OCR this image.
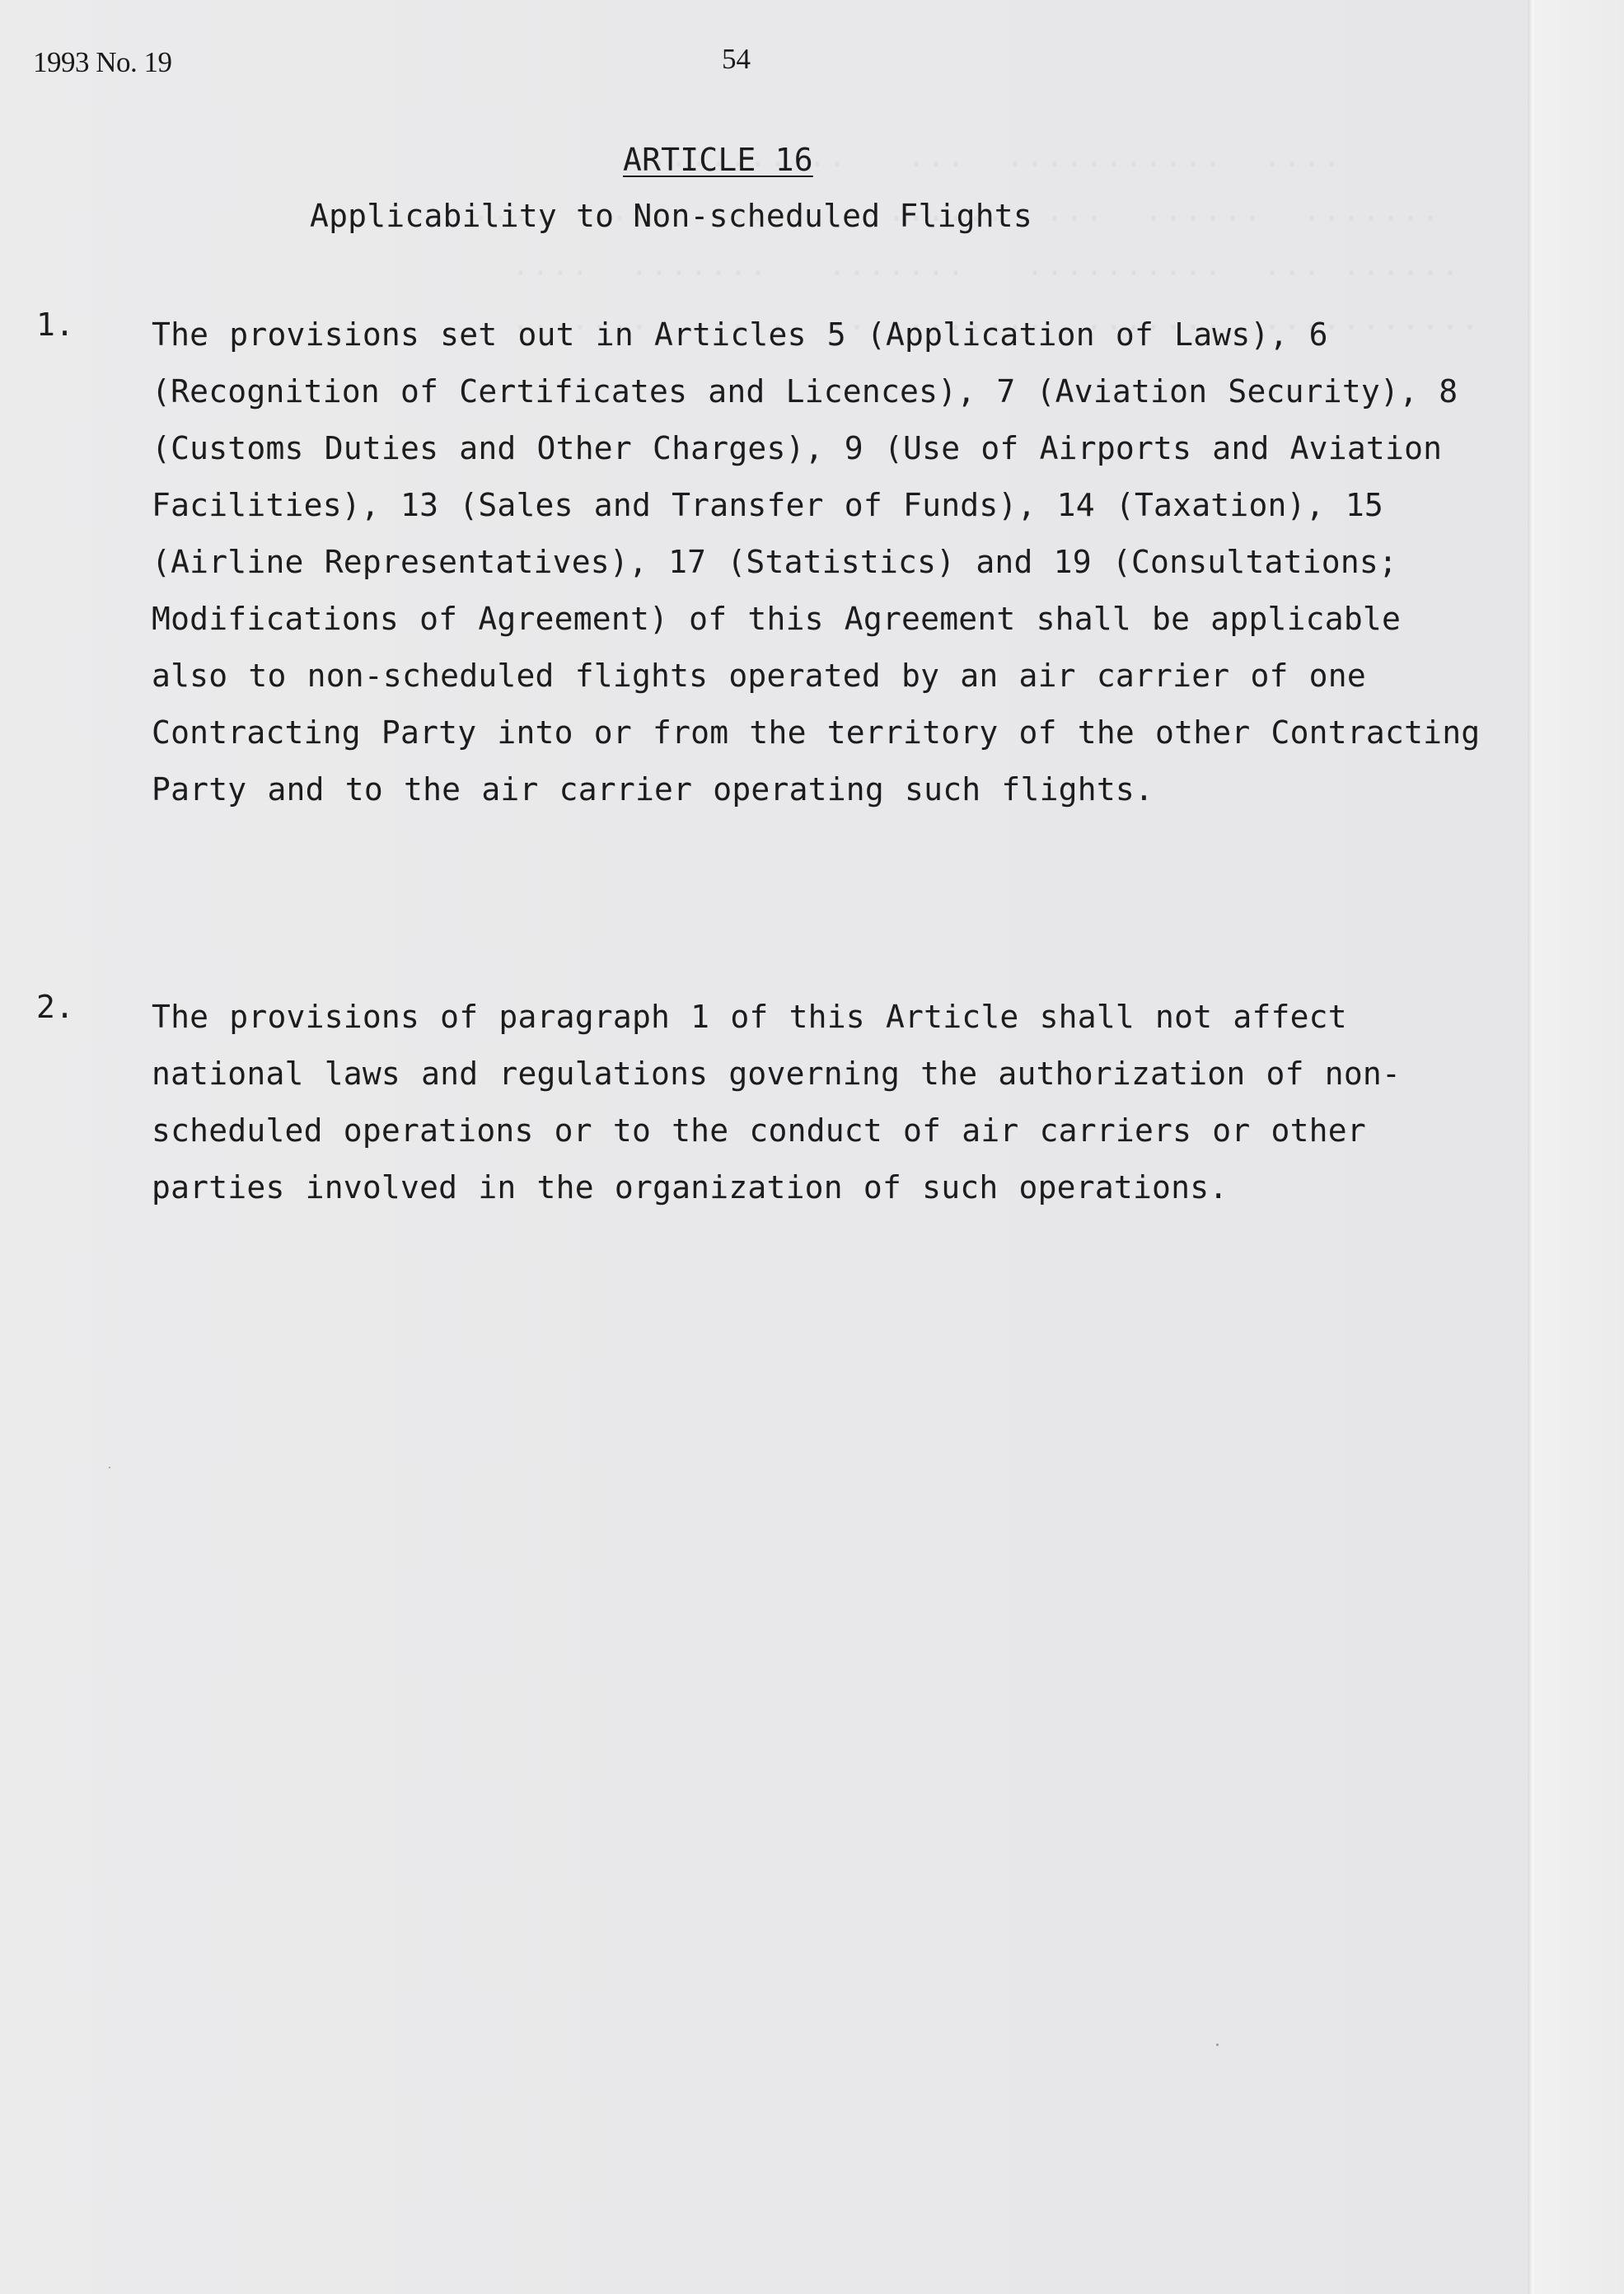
1993 No. 19	54
ARTICLE 16
Applicability to Non-scheduled Flights
1. The provisions set out in Articles 5 (Application of Laws), 6 (Recognition of Certificates and Licences), 7 (Aviation Security), 8 (Customs Duties and Other Charges), 9 (Use of Airports and Aviation Facilities), 13 (Sales and Transfer of Funds), 14 (Taxation), 15 (Airline Representatives), 17 (Statistics) and 19 (Consultations; Modifications of Agreement) of this Agreement shall be applicable also to non-scheduled flights operated by an air carrier of one Contracting Party into or from the territory of the other Contracting Party and to the air carrier operating such flights.
2. The provisions of paragraph 1 of this Article shall not affect national laws and regulations governing the authorization of non-scheduled operations or to the conduct of air carriers or other parties involved in the organization of such operations.
